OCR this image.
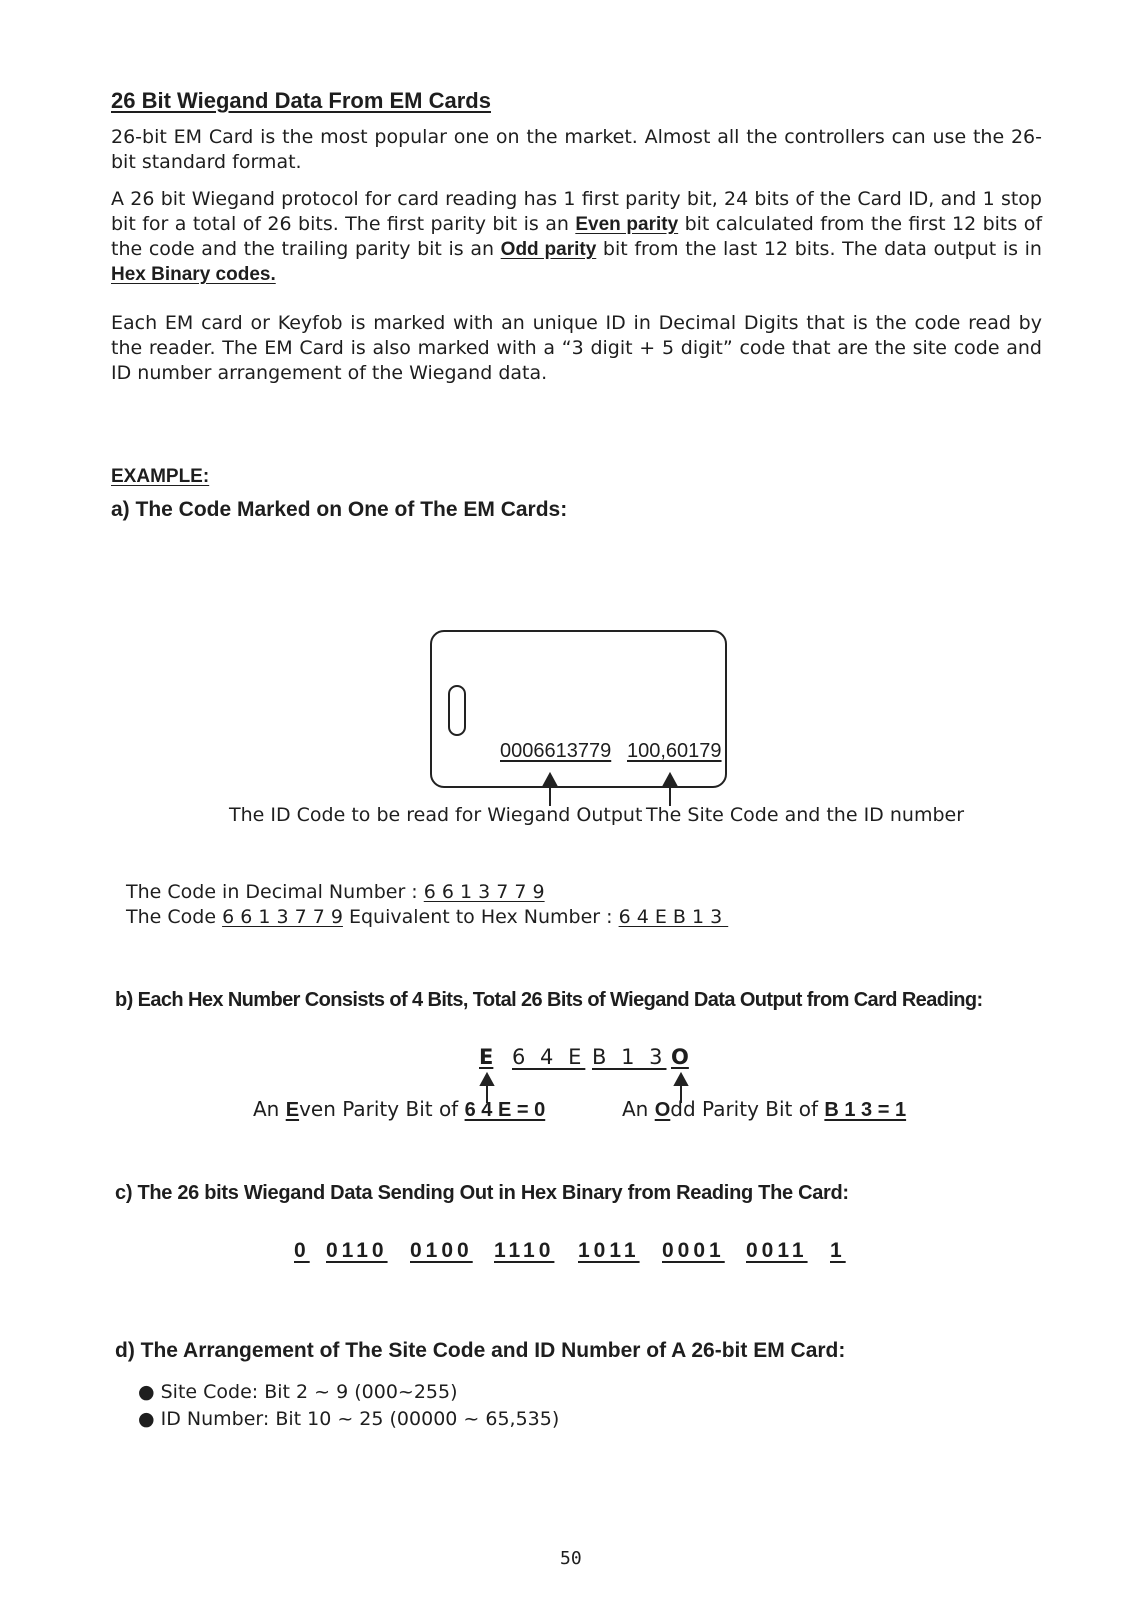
26 Bit Wiegand Data From EM Cards
26-bit EM Card is the most popular one on the market. Almost all the controllers can use the 26-bit standard format.
A 26 bit Wiegand protocol for card reading has 1 first parity bit, 24 bits of the Card ID, and 1 stop bit for a total of 26 bits. The first parity bit is an Even parity bit calculated from the first 12 bits of the code and the trailing parity bit is an Odd parity bit from the last 12 bits. The data output is in Hex Binary codes.
Each EM card or Keyfob is marked with an unique ID in Decimal Digits that is the code read by the reader. The EM Card is also marked with a “3 digit + 5 digit” code that are the site code and ID number arrangement of the Wiegand data.
EXAMPLE:
a) The Code Marked on One of The EM Cards:
0006613779 100,60179
The ID Code to be read for Wiegand Output The Site Code and the ID number
The Code in Decimal Number : 6 6 1 3 7 7 9
The Code 6 6 1 3 7 7 9 Equivalent to Hex Number : 6 4 E B 1 3
b) Each Hex Number Consists of 4 Bits, Total 26 Bits of Wiegand Data Output from Card Reading:
E 6 4 E B 1 3 O
An Even Parity Bit of 6 4 E = 0	An Odd Parity Bit of B 1 3 = 1
c) The 26 bits Wiegand Data Sending Out in Hex Binary from Reading The Card:
0 0110 0100 1110 1011 0001 0011 1
d) The Arrangement of The Site Code and ID Number of A 26-bit EM Card:
● Site Code: Bit 2 ~ 9 (000~255)
● ID Number: Bit 10 ~ 25 (00000 ~ 65,535)
50
